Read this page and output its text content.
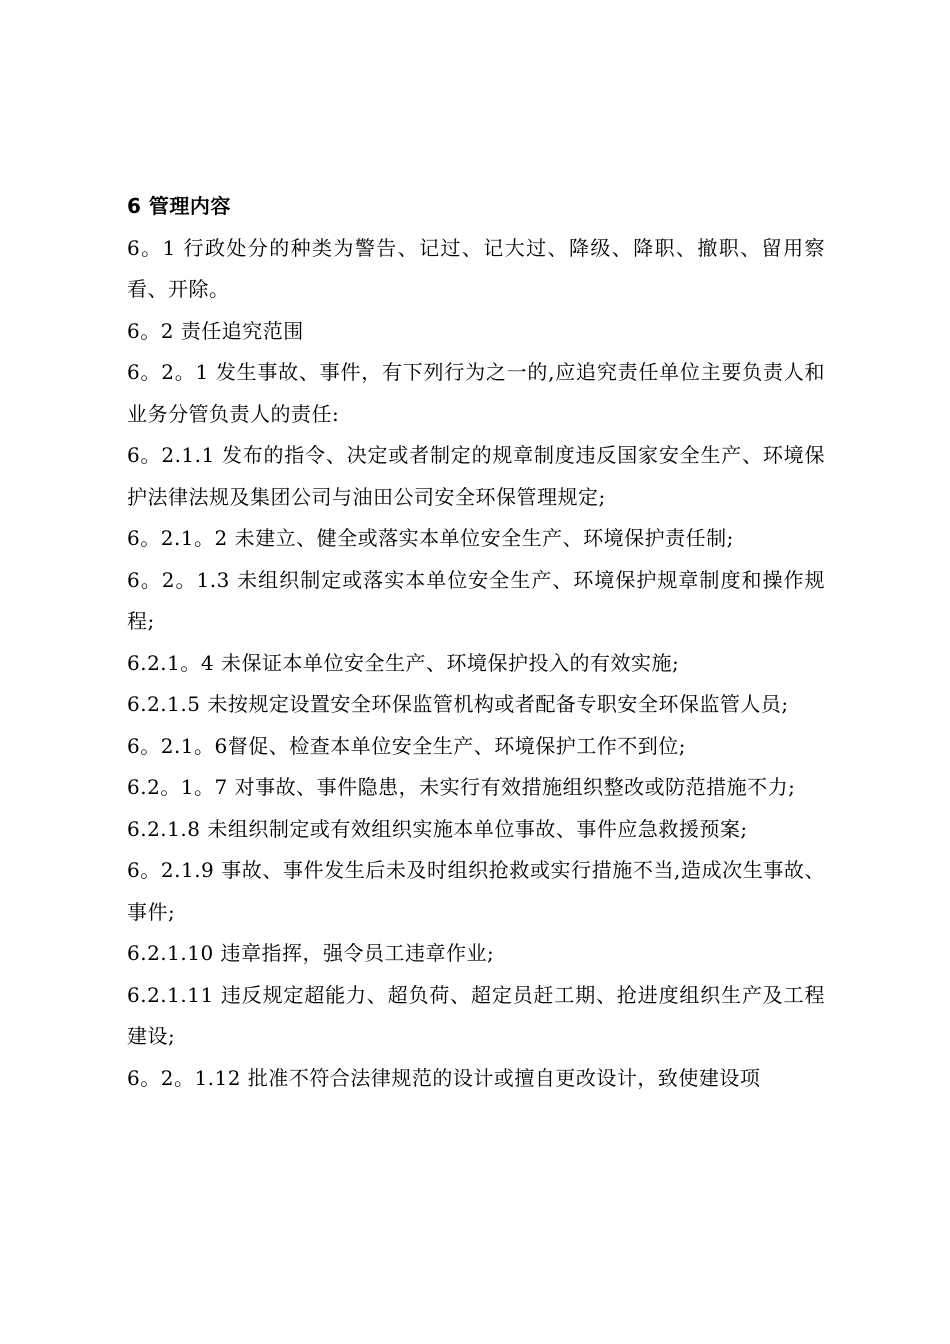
6 管理内容

6。1 行政处分的种类为警告、记过、记大过、降级、降职、撤职、留用察看、开除。

6。2 责任追究范围

6。2。1 发生事故、事件，有下列行为之一的,应追究责任单位主要负责人和业务分管负责人的责任:

6。2.1.1 发布的指令、决定或者制定的规章制度违反国家安全生产、环境保护法律法规及集团公司与油田公司安全环保管理规定;

6。2.1。2 未建立、健全或落实本单位安全生产、环境保护责任制;

6。2。1.3 未组织制定或落实本单位安全生产、环境保护规章制度和操作规程;

6.2.1。4 未保证本单位安全生产、环境保护投入的有效实施;

6.2.1.5 未按规定设置安全环保监管机构或者配备专职安全环保监管人员;

6。2.1。6督促、检查本单位安全生产、环境保护工作不到位;

6.2。1。7 对事故、事件隐患，未实行有效措施组织整改或防范措施不力;

6.2.1.8 未组织制定或有效组织实施本单位事故、事件应急救援预案;

6。2.1.9 事故、事件发生后未及时组织抢救或实行措施不当,造成次生事故、事件;

6.2.1.10 违章指挥，强令员工违章作业;

6.2.1.11 违反规定超能力、超负荷、超定员赶工期、抢进度组织生产及工程建设;

6。2。1.12 批准不符合法律规范的设计或擅自更改设计，致使建设项
